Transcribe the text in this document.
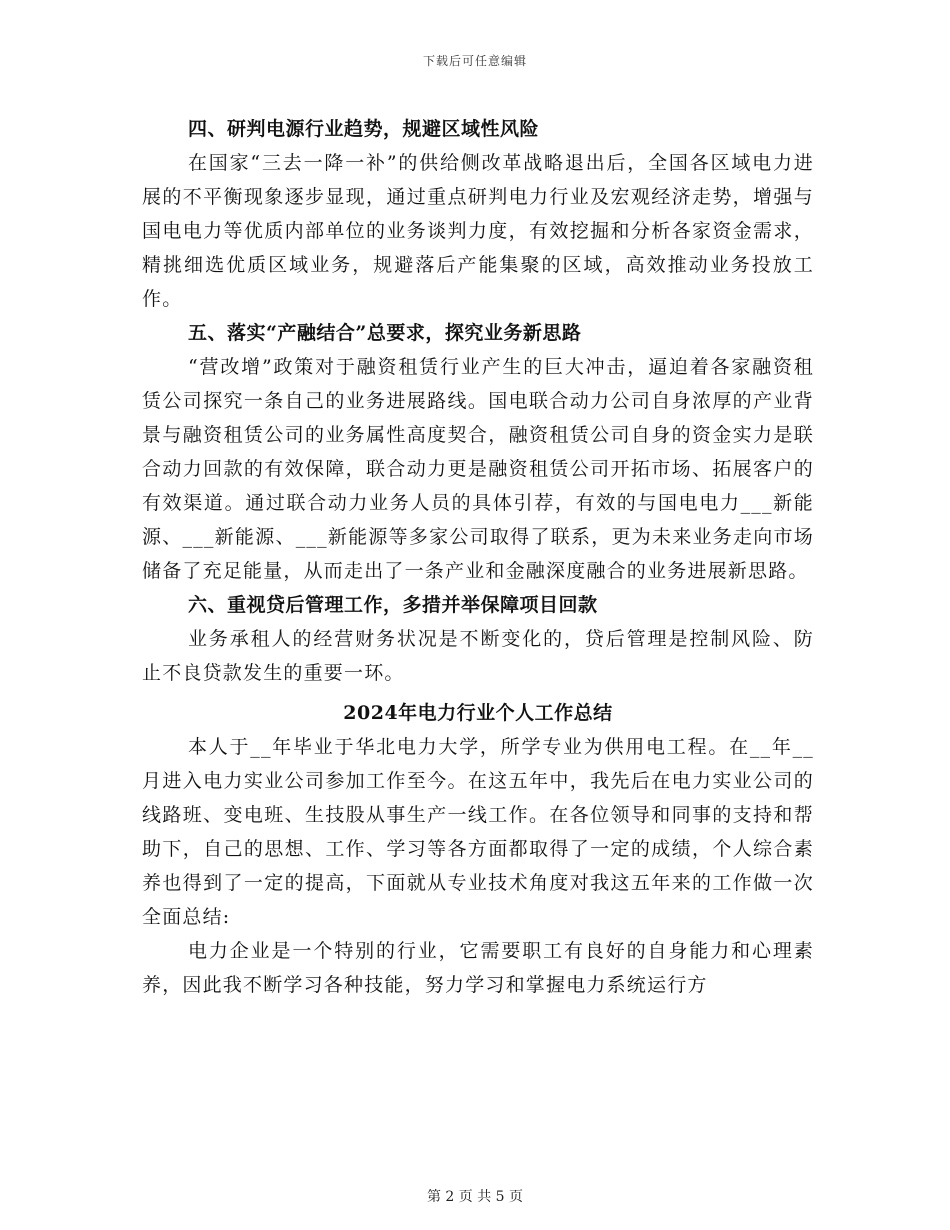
下载后可任意编辑
四、研判电源行业趋势，规避区域性风险

在国家“三去一降一补”的供给侧改革战略退出后，全国各区域电力进展的不平衡现象逐步显现，通过重点研判电力行业及宏观经济走势，增强与国电电力等优质内部单位的业务谈判力度，有效挖掘和分析各家资金需求，精挑细选优质区域业务，规避落后产能集聚的区域，高效推动业务投放工作。

五、落实“产融结合”总要求，探究业务新思路

“营改增”政策对于融资租赁行业产生的巨大冲击，逼迫着各家融资租赁公司探究一条自己的业务进展路线。国电联合动力公司自身浓厚的产业背景与融资租赁公司的业务属性高度契合，融资租赁公司自身的资金实力是联合动力回款的有效保障，联合动力更是融资租赁公司开拓市场、拓展客户的有效渠道。通过联合动力业务人员的具体引荐，有效的与国电电力___新能源、___新能源、___新能源等多家公司取得了联系，更为未来业务走向市场储备了充足能量，从而走出了一条产业和金融深度融合的业务进展新思路。

六、重视贷后管理工作，多措并举保障项目回款

业务承租人的经营财务状况是不断变化的，贷后管理是控制风险、防止不良贷款发生的重要一环。

2024年电力行业个人工作总结

本人于__年毕业于华北电力大学，所学专业为供用电工程。在__年__月进入电力实业公司参加工作至今。在这五年中，我先后在电力实业公司的线路班、变电班、生技股从事生产一线工作。在各位领导和同事的支持和帮助下，自己的思想、工作、学习等各方面都取得了一定的成绩，个人综合素养也得到了一定的提高，下面就从专业技术角度对我这五年来的工作做一次全面总结:

电力企业是一个特别的行业，它需要职工有良好的自身能力和心理素养，因此我不断学习各种技能，努力学习和掌握电力系统运行方

第 2 页 共 5 页
